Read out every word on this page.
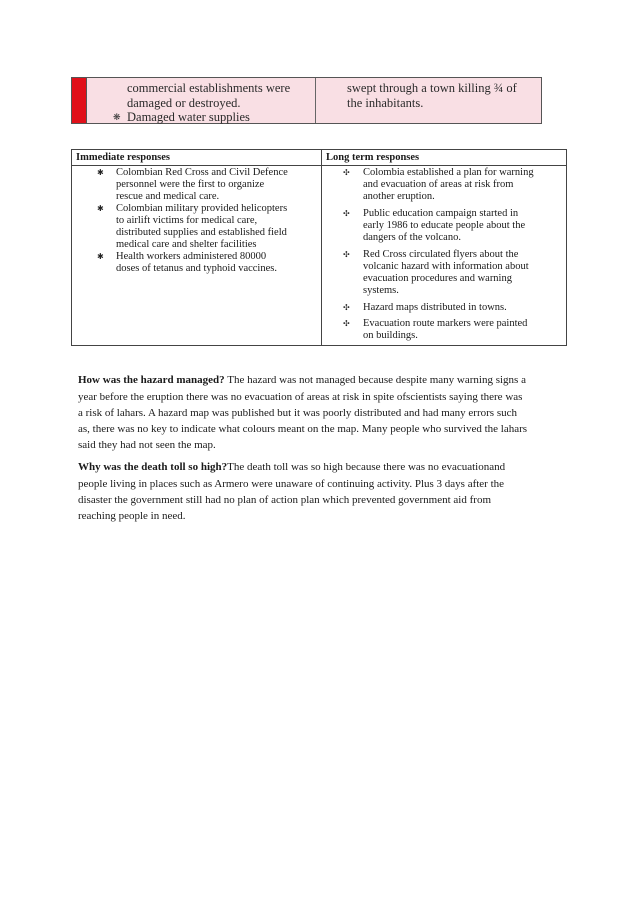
commercial establishments were
damaged or destroyed.
❋ Damaged water supplies
swept through a town killing ¾ of
the inhabitants.
Immediate responses	Long term responses
✱ Colombian Red Cross and Civil Defence
personnel were the first to organize
rescue and medical care.
✱ Colombian military provided helicopters
to airlift victims for medical care,
distributed supplies and established field
medical care and shelter facilities
✱ Health workers administered 80000
doses of tetanus and typhoid vaccines.
✣ Colombia established a plan for warning
and evacuation of areas at risk from
another eruption.
✣ Public education campaign started in
early 1986 to educate people about the
dangers of the volcano.
✣ Red Cross circulated flyers about the
volcanic hazard with information about
evacuation procedures and warning
systems.
✣ Hazard maps distributed in towns.
✣ Evacuation route markers were painted
on buildings.
How was the hazard managed? The hazard was not managed because despite many warning signs a
year before the eruption there was no evacuation of areas at risk in spite ofscientists saying there was
a risk of lahars. A hazard map was published but it was poorly distributed and had many errors such
as, there was no key to indicate what colours meant on the map. Many people who survived the lahars
said they had not seen the map.
Why was the death toll so high?The death toll was so high because there was no evacuationand
people living in places such as Armero were unaware of continuing activity. Plus 3 days after the
disaster the government still had no plan of action plan which prevented government aid from
reaching people in need.
